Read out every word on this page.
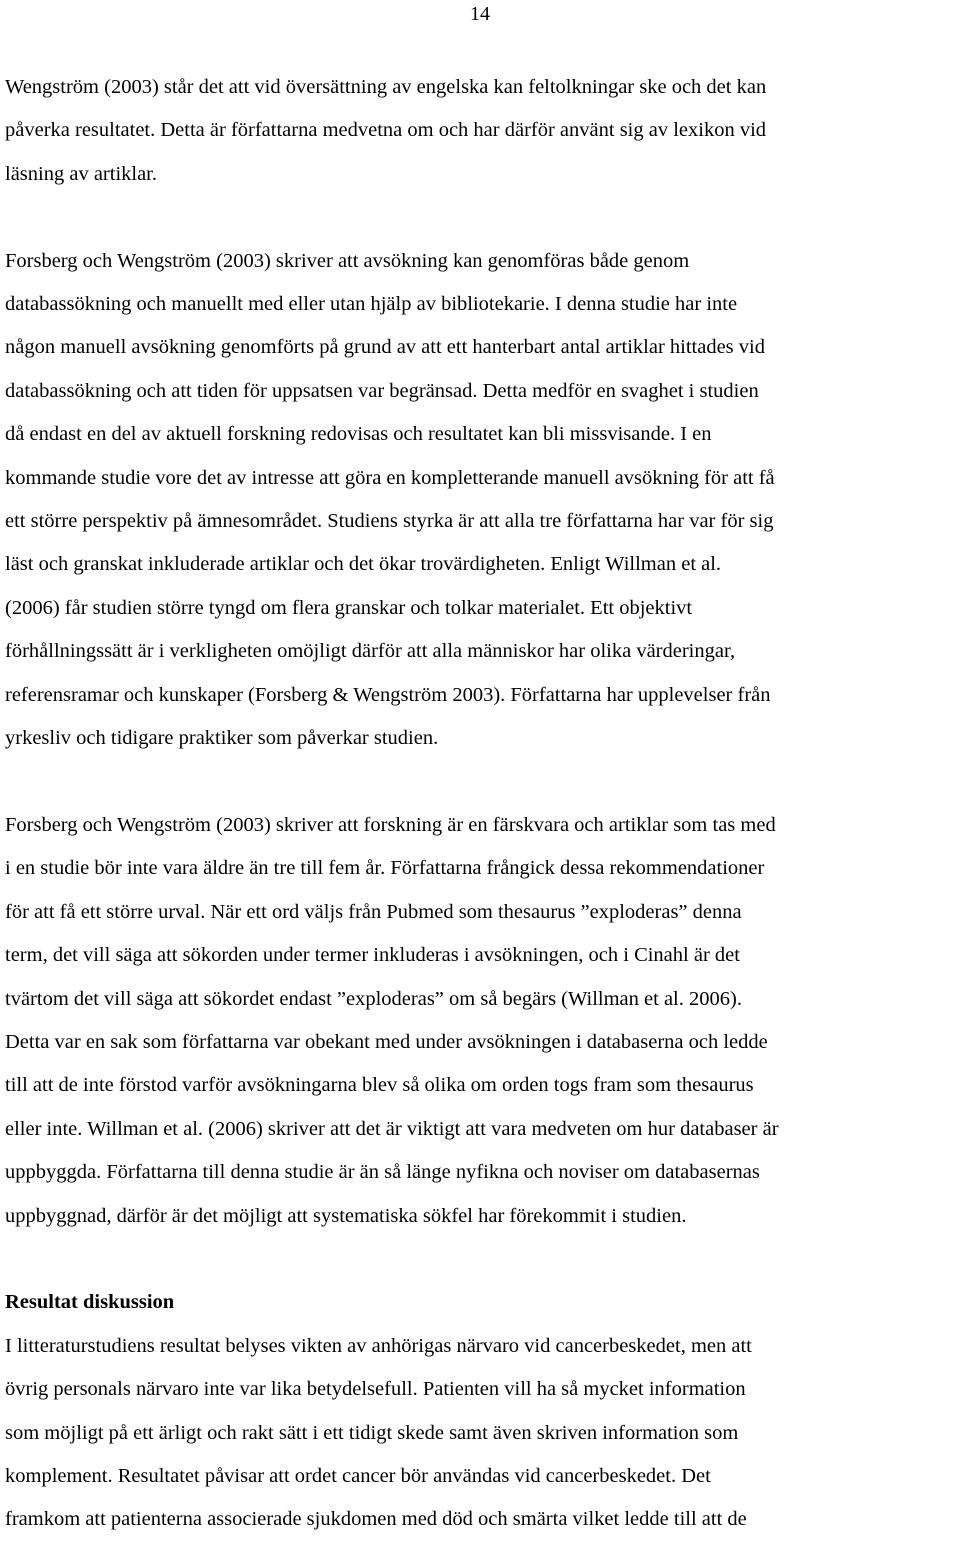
14

Wengström (2003) står det att vid översättning av engelska kan feltolkningar ske och det kan
påverka resultatet. Detta är författarna medvetna om och har därför använt sig av lexikon vid
läsning av artiklar.

Forsberg och Wengström (2003) skriver att avsökning kan genomföras både genom
databassökning och manuellt med eller utan hjälp av bibliotekarie. I denna studie har inte
någon manuell avsökning genomförts på grund av att ett hanterbart antal artiklar hittades vid
databassökning och att tiden för uppsatsen var begränsad. Detta medför en svaghet i studien
då endast en del av aktuell forskning redovisas och resultatet kan bli missvisande. I en
kommande studie vore det av intresse att göra en kompletterande manuell avsökning för att få
ett större perspektiv på ämnesområdet. Studiens styrka är att alla tre författarna har var för sig
läst och granskat inkluderade artiklar och det ökar trovärdigheten. Enligt Willman et al.
(2006) får studien större tyngd om flera granskar och tolkar materialet. Ett objektivt
förhållningssätt är i verkligheten omöjligt därför att alla människor har olika värderingar,
referensramar och kunskaper (Forsberg & Wengström 2003). Författarna har upplevelser från
yrkesliv och tidigare praktiker som påverkar studien.

Forsberg och Wengström (2003) skriver att forskning är en färskvara och artiklar som tas med
i en studie bör inte vara äldre än tre till fem år. Författarna frångick dessa rekommendationer
för att få ett större urval. När ett ord väljs från Pubmed som thesaurus ”exploderas” denna
term, det vill säga att sökorden under termer inkluderas i avsökningen, och i Cinahl är det
tvärtom det vill säga att sökordet endast ”exploderas” om så begärs (Willman et al. 2006).
Detta var en sak som författarna var obekant med under avsökningen i databaserna och ledde
till att de inte förstod varför avsökningarna blev så olika om orden togs fram som thesaurus
eller inte. Willman et al. (2006) skriver att det är viktigt att vara medveten om hur databaser är
uppbyggda. Författarna till denna studie är än så länge nyfikna och noviser om databasernas
uppbyggnad, därför är det möjligt att systematiska sökfel har förekommit i studien.

Resultat diskussion

I litteraturstudiens resultat belyses vikten av anhörigas närvaro vid cancerbeskedet, men att
övrig personals närvaro inte var lika betydelsefull. Patienten vill ha så mycket information
som möjligt på ett ärligt och rakt sätt i ett tidigt skede samt även skriven information som
komplement. Resultatet påvisar att ordet cancer bör användas vid cancerbeskedet. Det
framkom att patienterna associerade sjukdomen med död och smärta vilket ledde till att de
